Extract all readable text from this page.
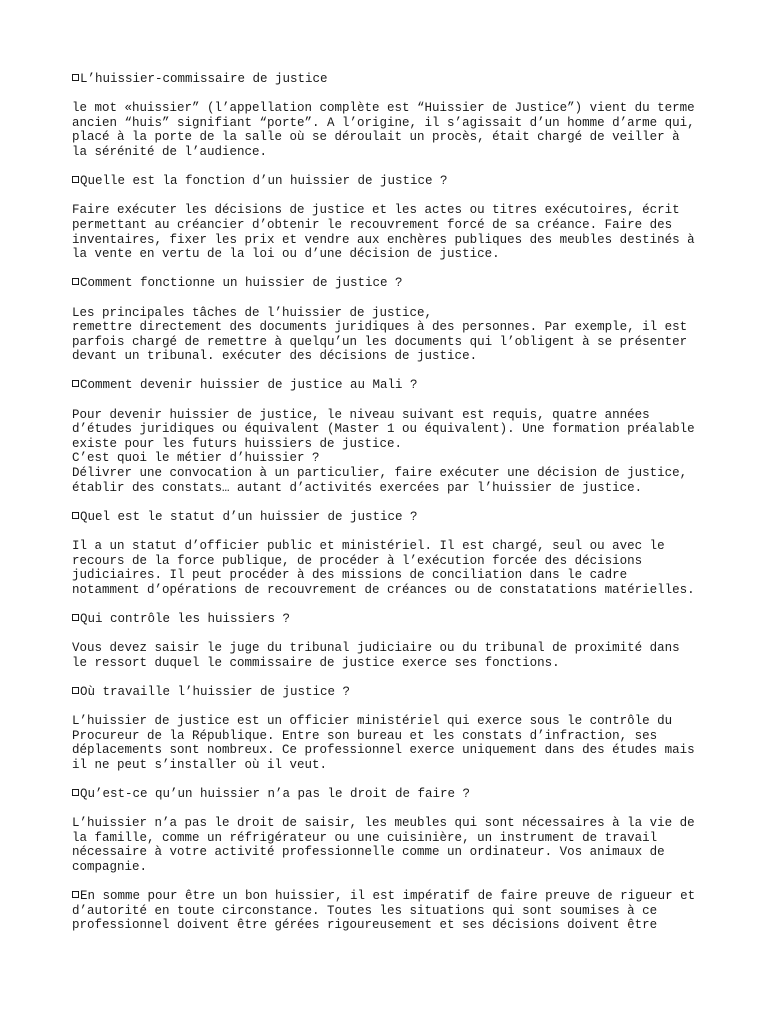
L’huissier-commissaire de justice
le mot «huissier” (l’appellation complète est “Huissier de Justice”) vient du terme
ancien “huis” signifiant “porte”. A l’origine, il s’agissait d’un homme d’arme qui,
placé à la porte de la salle où se déroulait un procès, était chargé de veiller à
la sérénité de l’audience.
Quelle est la fonction d’un huissier de justice ?
Faire exécuter les décisions de justice et les actes ou titres exécutoires, écrit
permettant au créancier d’obtenir le recouvrement forcé de sa créance. Faire des
inventaires, fixer les prix et vendre aux enchères publiques des meubles destinés à
la vente en vertu de la loi ou d’une décision de justice.
Comment fonctionne un huissier de justice ?
Les principales tâches de l’huissier de justice,
remettre directement des documents juridiques à des personnes. Par exemple, il est
parfois chargé de remettre à quelqu’un les documents qui l’obligent à se présenter
devant un tribunal. exécuter des décisions de justice.
Comment devenir huissier de justice au Mali ?
Pour devenir huissier de justice, le niveau suivant est requis, quatre années
d’études juridiques ou équivalent (Master 1 ou équivalent). Une formation préalable
existe pour les futurs huissiers de justice.
C’est quoi le métier d’huissier ?
Délivrer une convocation à un particulier, faire exécuter une décision de justice,
établir des constats… autant d’activités exercées par l’huissier de justice.
Quel est le statut d’un huissier de justice ?
Il a un statut d’officier public et ministériel. Il est chargé, seul ou avec le
recours de la force publique, de procéder à l’exécution forcée des décisions
judiciaires. Il peut procéder à des missions de conciliation dans le cadre
notamment d’opérations de recouvrement de créances ou de constatations matérielles.
Qui contrôle les huissiers ?
Vous devez saisir le juge du tribunal judiciaire ou du tribunal de proximité dans
le ressort duquel le commissaire de justice exerce ses fonctions.
Où travaille l’huissier de justice ?
L’huissier de justice est un officier ministériel qui exerce sous le contrôle du
Procureur de la République. Entre son bureau et les constats d’infraction, ses
déplacements sont nombreux. Ce professionnel exerce uniquement dans des études mais
il ne peut s’installer où il veut.
Qu’est-ce qu’un huissier n’a pas le droit de faire ?
L’huissier n’a pas le droit de saisir, les meubles qui sont nécessaires à la vie de
la famille, comme un réfrigérateur ou une cuisinière, un instrument de travail
nécessaire à votre activité professionnelle comme un ordinateur. Vos animaux de
compagnie.
En somme pour être un bon huissier, il est impératif de faire preuve de rigueur et
d’autorité en toute circonstance. Toutes les situations qui sont soumises à ce
professionnel doivent être gérées rigoureusement et ses décisions doivent être
